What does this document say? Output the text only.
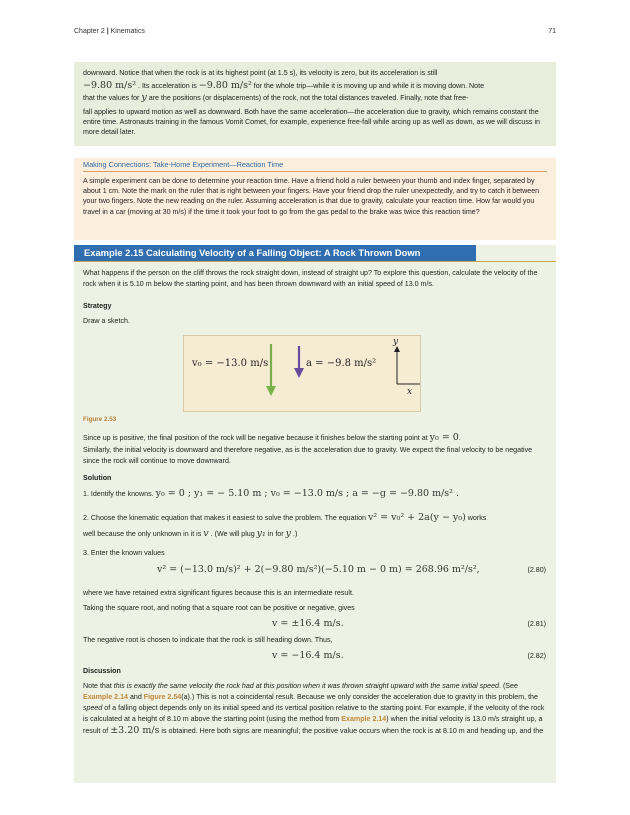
Chapter 2 | Kinematics	71

downward. Notice that when the rock is at its highest point (at 1.5 s), its velocity is zero, but its acceleration is still

−9.80 m/s² . Its acceleration is −9.80 m/s² for the whole trip—while it is moving up and while it is moving down. Note

that the values for y are the positions (or displacements) of the rock, not the total distances traveled. Finally, note that free-

fall applies to upward motion as well as downward. Both have the same acceleration—the acceleration due to gravity, which remains constant the entire time. Astronauts training in the famous Vomit Comet, for example, experience free-fall while arcing up as well as down, as we will discuss in more detail later.

Making Connections: Take-Home Experiment—Reaction Time
A simple experiment can be done to determine your reaction time. Have a friend hold a ruler between your thumb and index finger, separated by about 1 cm. Note the mark on the ruler that is right between your fingers. Have your friend drop the ruler unexpectedly, and try to catch it between your two fingers. Note the new reading on the ruler. Assuming acceleration is that due to gravity, calculate your reaction time. How far would you travel in a car (moving at 30 m/s) if the time it took your foot to go from the gas pedal to the brake was twice this reaction time?
Example 2.15 Calculating Velocity of a Falling Object: A Rock Thrown Down
What happens if the person on the cliff throws the rock straight down, instead of straight up? To explore this question, calculate the velocity of the rock when it is 5.10 m below the starting point, and has been thrown downward with an initial speed of 13.0 m/s.
Strategy
Draw a sketch.
v₀ = −13.0 m/s	a = −9.8 m/s²
y
x
Figure 2.53
Since up is positive, the final position of the rock will be negative because it finishes below the starting point at y₀ = 0.
Similarly, the initial velocity is downward and therefore negative, as is the acceleration due to gravity. We expect the final velocity to be negative since the rock will continue to move downward.
Solution
1. Identify the knowns. y₀ = 0 ; y₁ = − 5.10 m ; v₀ = −13.0 m/s ; a = −g = −9.80 m/s² .
2. Choose the kinematic equation that makes it easiest to solve the problem. The equation v² = v₀² + 2a(y − y₀) works
well because the only unknown in it is v . (We will plug y₁ in for y .)
3. Enter the known values
v² = (−13.0 m/s)² + 2(−9.80 m/s²)(−5.10 m − 0 m) = 268.96 m²/s²,	(2.80)
where we have retained extra significant figures because this is an intermediate result.
Taking the square root, and noting that a square root can be positive or negative, gives
v = ±16.4 m/s.	(2.81)
The negative root is chosen to indicate that the rock is still heading down. Thus,
v = −16.4 m/s.	(2.82)
Discussion
Note that this is exactly the same velocity the rock had at this position when it was thrown straight upward with the same initial speed. (See Example 2.14 and Figure 2.54(a).) This is not a coincidental result. Because we only consider the acceleration due to gravity in this problem, the speed of a falling object depends only on its initial speed and its vertical position relative to the starting point. For example, if the velocity of the rock is calculated at a height of 8.10 m above the starting point (using the method from Example 2.14) when the initial velocity is 13.0 m/s straight up, a result of ±3.20 m/s is obtained. Here both signs are meaningful; the positive value occurs when the rock is at 8.10 m and heading up, and the
